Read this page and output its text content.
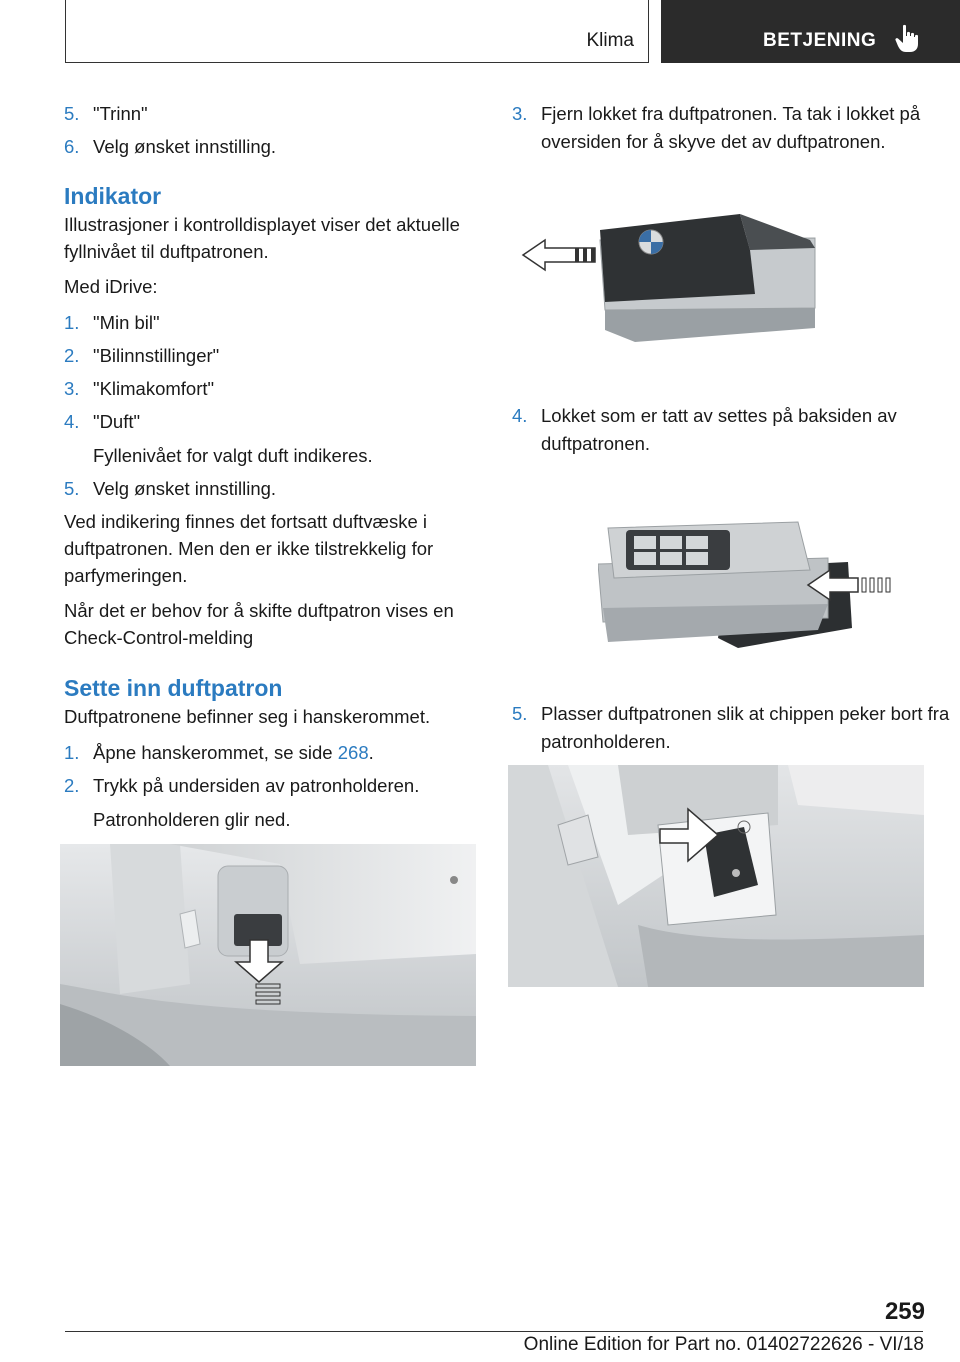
Klima	BETJENING
5. "Trinn"
6. Velg ønsket innstilling.
Indikator

Illustrasjoner i kontrolldisplayet viser det aktuelle fyllnivået til duftpatronen.

Med iDrive:

1. "Min bil"
2. "Bilinnstillinger"
3. "Klimakomfort"
4. "Duft"
Fyllenivået for valgt duft indikeres.
5. Velg ønsket innstilling.

Ved indikering finnes det fortsatt duftvæske i duftpatronen. Men den er ikke tilstrekkelig for parfymeringen.

Når det er behov for å skifte duftpatron vises en Check-Control-melding

Sette inn duftpatron

Duftpatronene befinner seg i hanskerommet.

1. Åpne hanskerommet, se side 268.
2. Trykk på undersiden av patronholderen.
Patronholderen glir ned.
3. Fjern lokket fra duftpatronen. Ta tak i lokket på oversiden for å skyve det av duftpatronen.
4. Lokket som er tatt av settes på baksiden av duftpatronen.
5. Plasser duftpatronen slik at chippen peker bort fra patronholderen.
259
Online Edition for Part no. 01402722626 - VI/18
